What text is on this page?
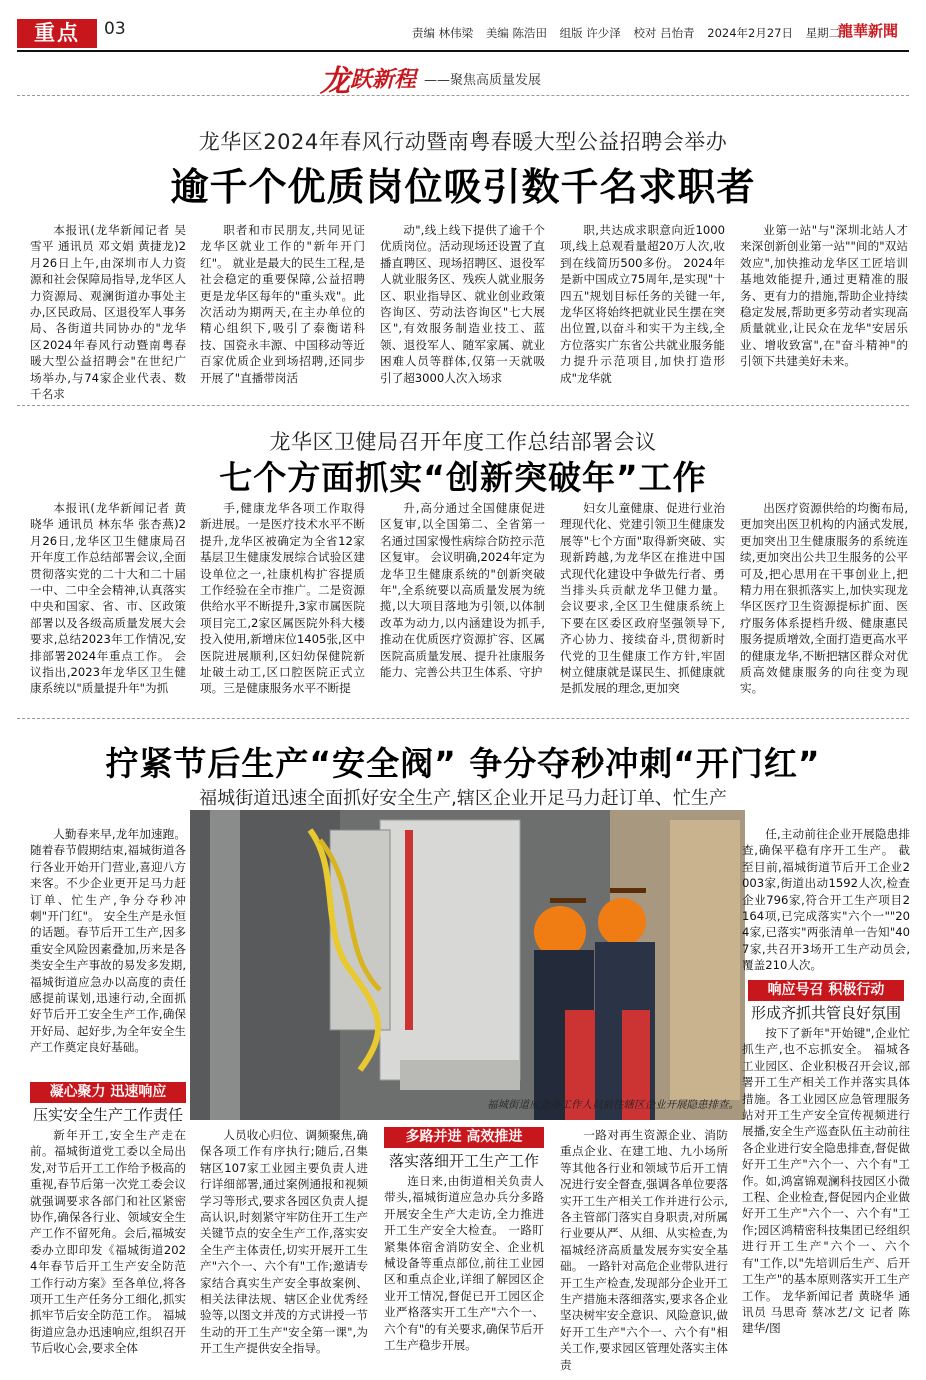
重点	03	责编 林伟梁 美编 陈浩田 组版 许少泽 校对 吕怡青 2024年2月27日 星期二
龍華新聞
龙跃新程 ——聚焦高质量发展
龙华区2024年春风行动暨南粤春暖大型公益招聘会举办
逾千个优质岗位吸引数千名求职者
本报讯(龙华新闻记者 吴雪平 通讯员 邓文娟 黄捷龙)2月26日上午,由深圳市人力资源和社会保障局指导,龙华区人力资源局、观澜街道办事处主办,区民政局、区退役军人事务局、各街道共同协办的"龙华区2024年春风行动暨南粤春暖大型公益招聘会"在世纪广场举办,与74家企业代表、数千名求
职者和市民朋友,共同见证龙华区就业工作的"新年开门红"。 就业是最大的民生工程,是社会稳定的重要保障,公益招聘更是龙华区每年的"重头戏"。此次活动为期两天,在主办单位的精心组织下,吸引了泰衡诺科技、国瓷永丰源、中国移动等近百家优质企业到场招聘,还同步开展了"直播带岗活
动",线上线下提供了逾千个优质岗位。活动现场还设置了直播直聘区、现场招聘区、退役军人就业服务区、残疾人就业服务区、职业指导区、就业创业政策咨询区、劳动法咨询区"七大展区",有效服务制造业技工、蓝领、退役军人、随军家属、就业困难人员等群体,仅第一天就吸引了超3000人次入场求
职,共达成求职意向近1000项,线上总观看量超20万人次,收到在线简历500多份。 2024年是新中国成立75周年,是实现"十四五"规划目标任务的关键一年,龙华区将始终把就业民生摆在突出位置,以奋斗和实干为主线,全方位落实广东省公共就业服务能力提升示范项目,加快打造形成"龙华就
业第一站"与"深圳北站人才来深创新创业第一站""间的"双站效应",加快推动龙华区工匠培训基地效能提升,通过更精准的服务、更有力的措施,帮助企业持续稳定发展,帮助更多劳动者实现高质量就业,让民众在龙华"安居乐业、增收致富",在"奋斗精神"的引领下共建美好未来。
龙华区卫健局召开年度工作总结部署会议
七个方面抓实“创新突破年”工作
本报讯(龙华新闻记者 黄晓华 通讯员 林东华 张杏燕)2月26日,龙华区卫生健康局召开年度工作总结部署会议,全面贯彻落实党的二十大和二十届一中、二中全会精神,认真落实中央和国家、省、市、区政策部署以及各级高质量发展大会要求,总结2023年工作情况,安排部署2024年重点工作。 会议指出,2023年龙华区卫生健康系统以"质量提升年"为抓
手,健康龙华各项工作取得新进展。一是医疗技术水平不断提升,龙华区被确定为全省12家基层卫生健康发展综合试验区建设单位之一,社康机构扩容提质工作经验在全市推广。二是资源供给水平不断提升,3家市属医院项目完工,2家区属医院外科大楼投入使用,新增床位1405张,区中医院进展顺利,区妇幼保健院新址破土动工,区口腔医院正式立项。三是健康服务水平不断提
升,高分通过全国健康促进区复审,以全国第二、全省第一名通过国家慢性病综合防控示范区复审。 会议明确,2024年定为龙华卫生健康系统的"创新突破年",全系统要以高质量发展为统揽,以大项目落地为引领,以体制改革为动力,以内涵建设为抓手,推动在优质医疗资源扩容、区属医院高质量发展、提升社康服务能力、完善公共卫生体系、守护
妇女儿童健康、促进行业治理现代化、党建引领卫生健康发展等"七个方面"取得新突破、实现新跨越,为龙华区在推进中国式现代化建设中争做先行者、勇当排头兵贡献龙华卫健力量。 会议要求,全区卫生健康系统上下要在区委区政府坚强领导下,齐心协力、接续奋斗,贯彻新时代党的卫生健康工作方针,牢固树立健康就是谋民生、抓健康就是抓发展的理念,更加突
出医疗资源供给的均衡布局,更加突出医卫机构的内涵式发展,更加突出卫生健康服务的系统连续,更加突出公共卫生服务的公平可及,把心思用在干事创业上,把精力用在狠抓落实上,加快实现龙华区医疗卫生资源提标扩面、医疗服务体系提档升级、健康惠民服务提质增效,全面打造更高水平的健康龙华,不断把辖区群众对优质高效健康服务的向往变为现实。
拧紧节后生产“安全阀” 争分夺秒冲刺“开门红”
福城街道迅速全面抓好安全生产,辖区企业开足马力赶订单、忙生产
人勤春来早,龙年加速跑。随着春节假期结束,福城街道各行各业开始开门营业,喜迎八方来客。不少企业更开足马力赶订单、忙生产,争分夺秒冲刺"开门红"。 安全生产是永恒的话题。春节后开工生产,因多重安全风险因素叠加,历来是各类安全生产事故的易发多发期,福城街道应急办以高度的责任感提前谋划,迅速行动,全面抓好节后开工安全生产工作,确保开好局、起好步,为全年安全生产工作奠定良好基础。
凝心聚力 迅速响应
压实安全生产工作责任
新年开工,安全生产走在前。福城街道党工委以全局出发,对节后开工工作给予极高的重视,春节后第一次党工委会议就强调要求各部门和社区紧密协作,确保各行业、领域安全生产工作不留死角。会后,福城安委办立即印发《福城街道2024年春节后开工生产安全防范工作行动方案》至各单位,将各项开工生产任务分工细化,抓实抓牢节后安全防范工作。 福城街道应急办迅速响应,组织召开节后收心会,要求全体
福城街道应急办工作人员前往辖区企业开展隐患排查。
人员收心归位、调频聚焦,确保各项工作有序执行;随后,召集辖区107家工业园主要负责人进行详细部署,通过案例通报和视频学习等形式,要求各园区负责人提高认识,时刻紧守牢防住开工生产关键节点的安全生产工作,落实安全生产主体责任,切实开展开工生产"六个一、六个有"工作;邀请专家结合真实生产安全事故案例、相关法律法规、辖区企业优秀经验等,以图文并茂的方式讲授一节生动的开工生产"安全第一课",为开工生产提供安全指导。
多路并进 高效推进
落实落细开工生产工作
连日来,由街道相关负责人带头,福城街道应急办兵分多路开展安全生产大走访,全力推进开工生产安全大检查。 一路盯紧集体宿舍消防安全、企业机械设备等重点部位,前往工业园区和重点企业,详细了解园区企业开工情况,督促已开工园区企业严格落实开工生产"六个一、六个有"的有关要求,确保节后开工生产稳步开展。
一路对再生资源企业、消防重点企业、在建工地、九小场所等其他各行业和领域节后开工情况进行安全督查,强调各单位要落实开工生产相关工作并进行公示,各主管部门落实自身职责,对所属行业要从严、从细、从实检查,为福城经济高质量发展夯实安全基础。 一路针对高危企业带队进行开工生产检查,发现部分企业开工生产措施未落细落实,要求各企业坚决树牢安全意识、风险意识,做好开工生产"六个一、六个有"相关工作,要求园区管理处落实主体责
任,主动前往企业开展隐患排查,确保平稳有序开工生产。 截至目前,福城街道节后开工企业2003家,街道出动1592人次,检查企业796家,符合开工生产项目2164项,已完成落实"六个一""204家,已落实"两张清单一告知"407家,共召开3场开工生产动员会,覆盖210人次。
响应号召 积极行动
形成齐抓共管良好氛围
按下了新年"开始键",企业忙抓生产,也不忘抓安全。 福城各工业园区、企业积极召开会议,部署开工生产相关工作并落实具体措施。各工业园区应急管理服务站对开工生产安全宣传视频进行展播,安全生产巡查队伍主动前往各企业进行安全隐患排查,督促做好开工生产"六个一、六个有"工作。如,鸿富锦观澜科技园区小微工程、企业检查,督促园内企业做好开工生产"六个一、六个有"工作;园区鸿精密科技集团已经组织进行开工生产"六个一、六个有"工作,以"先培训后生产、后开工生产"的基本原则落实开工生产工作。 龙华新闻记者 黄晓华 通讯员 马思奇 蔡冰艺/文 记者 陈建华/图
